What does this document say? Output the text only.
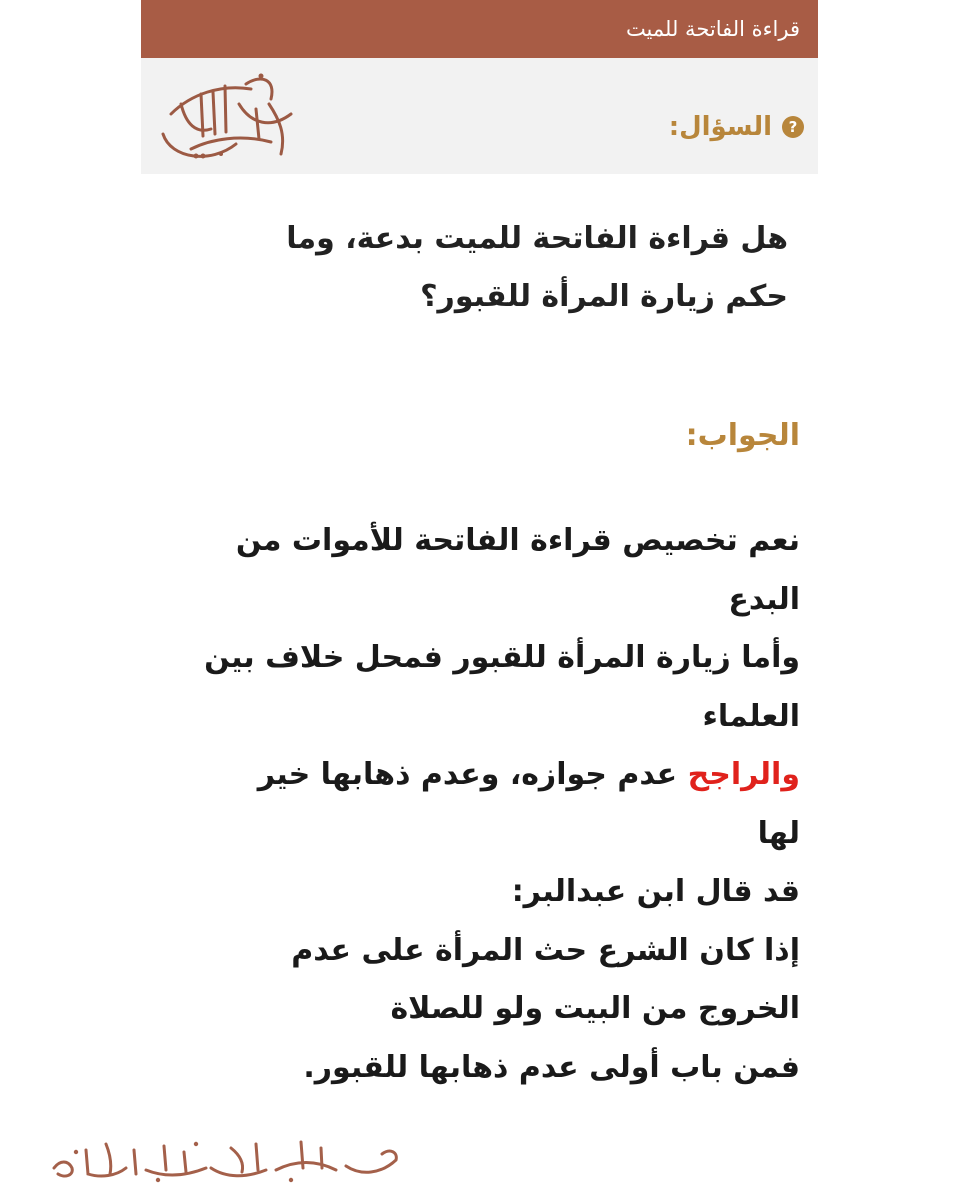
قراءة الفاتحة للميت
?
السؤال:
هل قراءة الفاتحة للميت بدعة، وما
حكم زيارة المرأة للقبور؟
الجواب:
نعم تخصيص قراءة الفاتحة للأموات من
البدع
وأما زيارة المرأة للقبور فمحل خلاف بين
العلماء
والراجح عدم جوازه، وعدم ذهابها خير
لها
قد قال ابن عبدالبر:
إذا كان الشرع حث المرأة على عدم
الخروج من البيت ولو للصلاة
فمن باب أولى عدم ذهابها للقبور.
